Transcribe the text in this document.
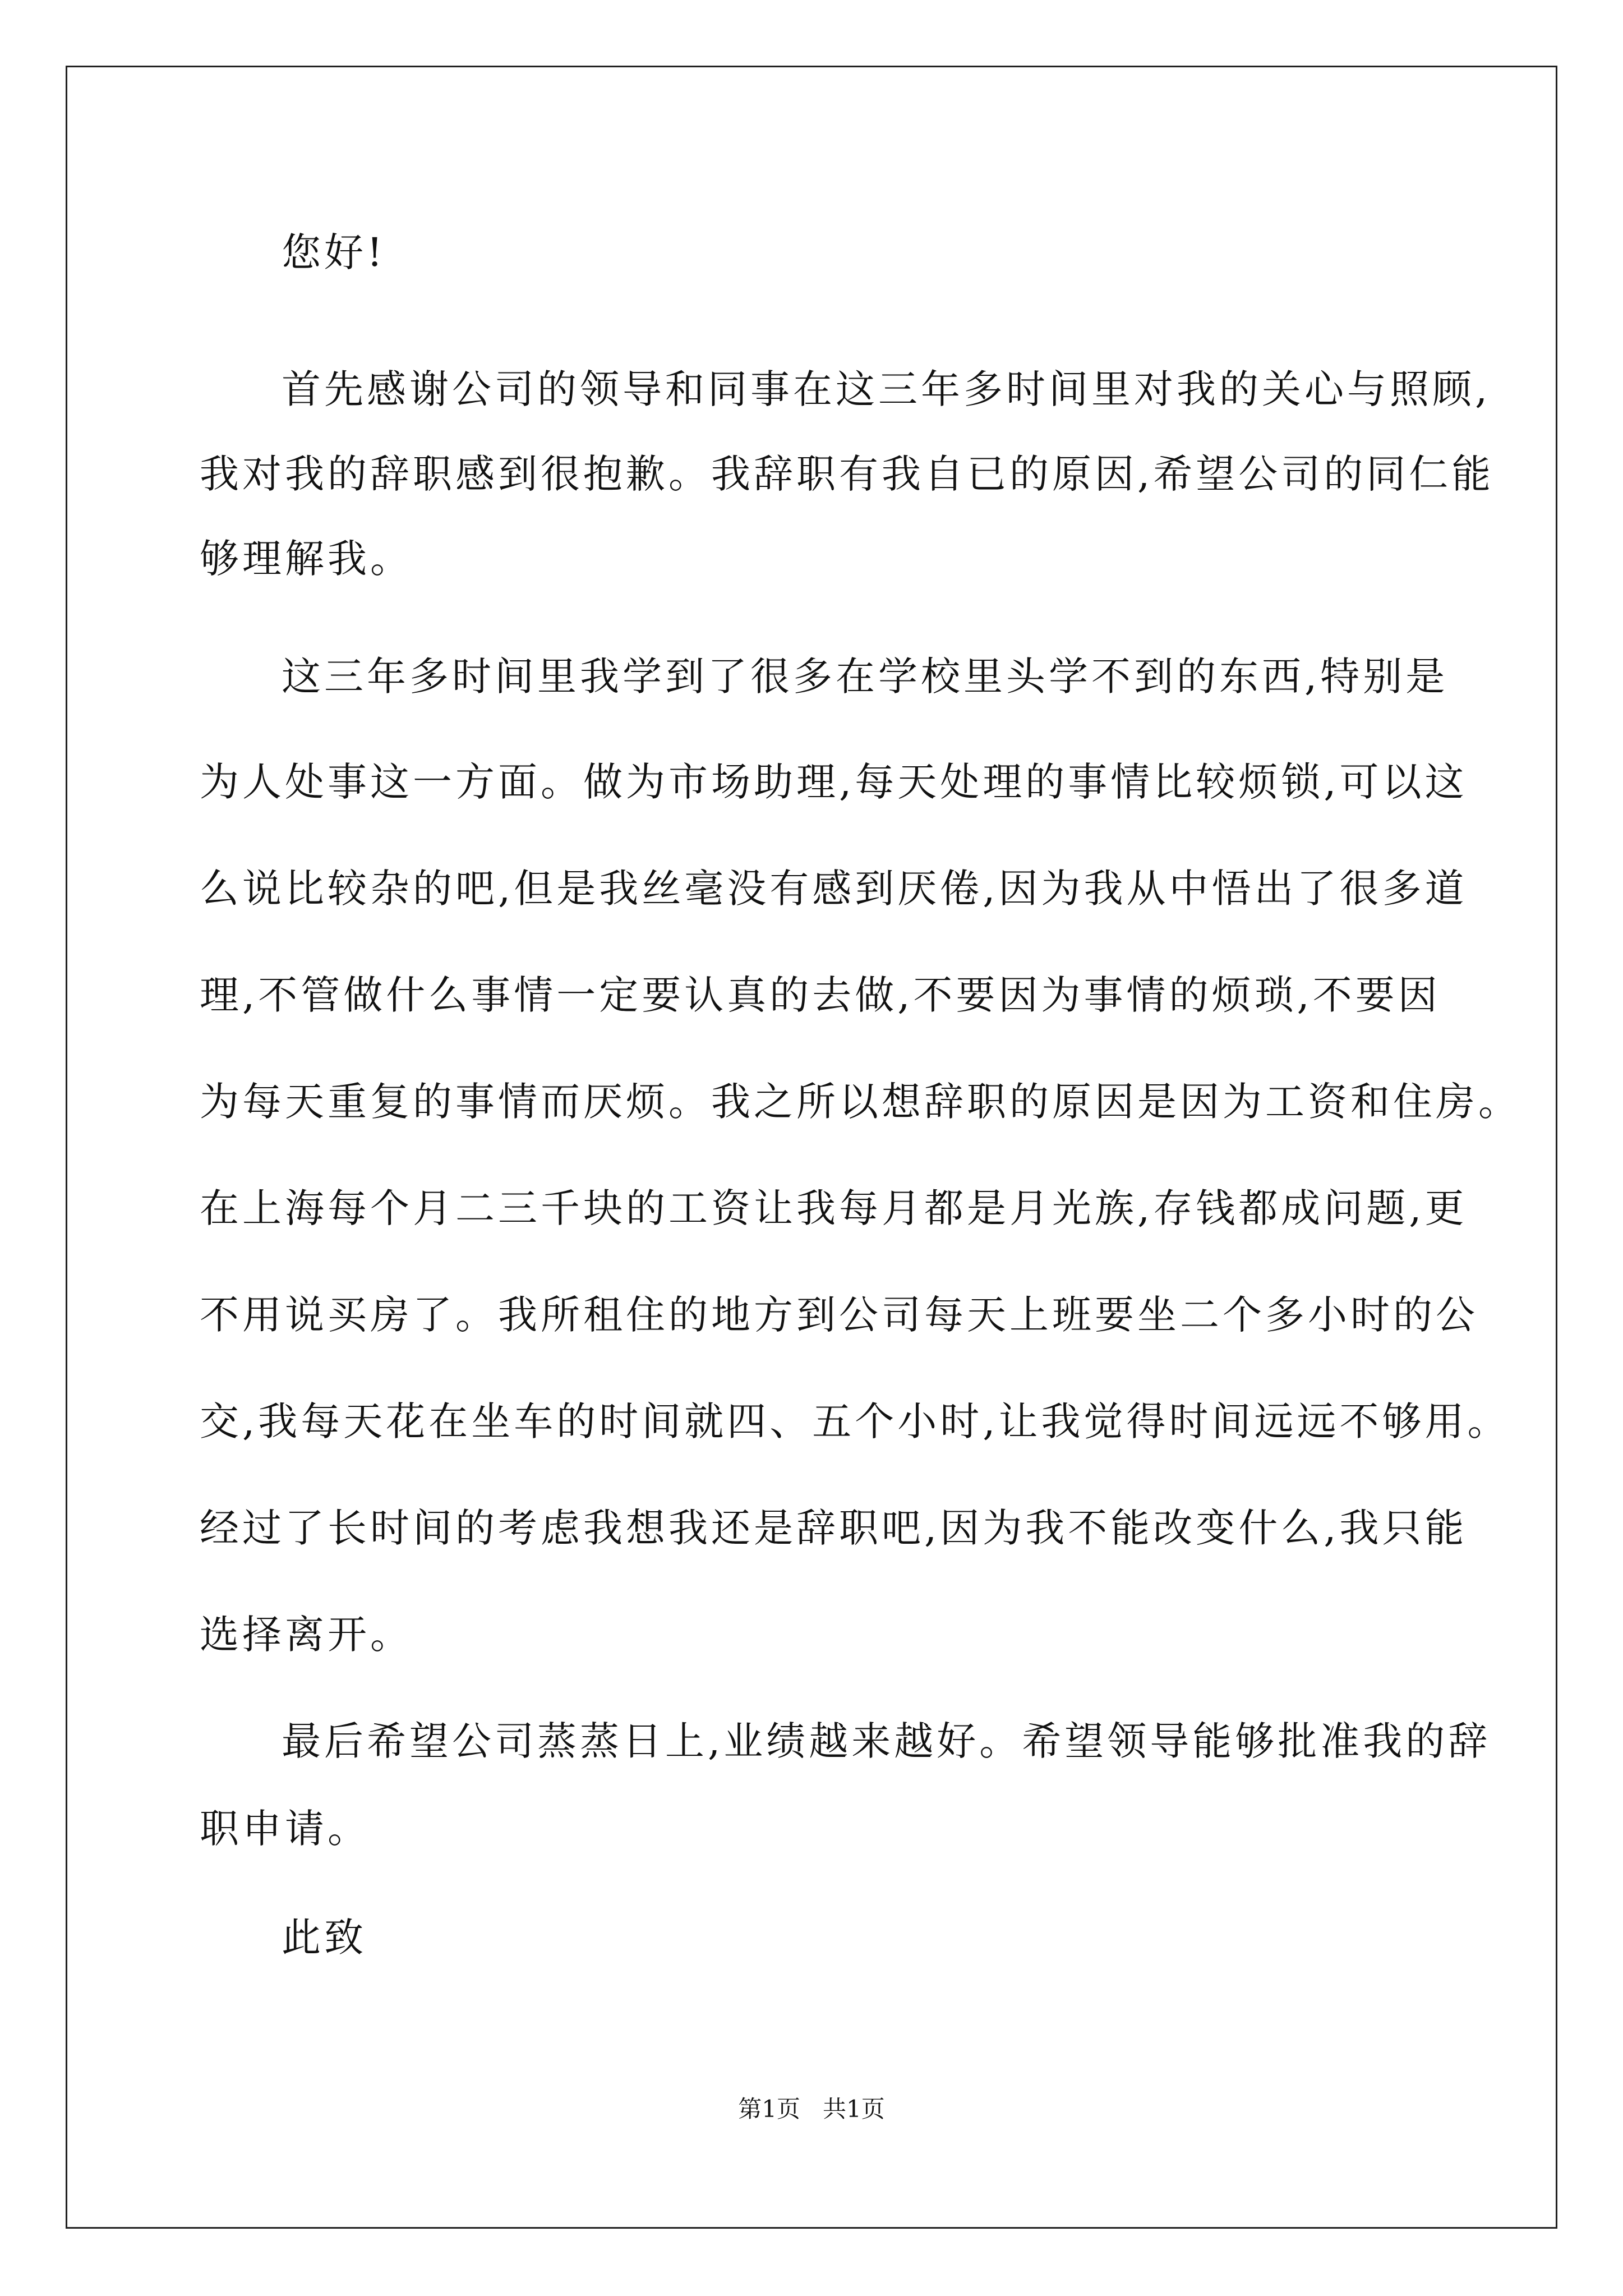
您好!
首先感谢公司的领导和同事在这三年多时间里对我的关心与照顾,
我对我的辞职感到很抱歉。我辞职有我自已的原因,希望公司的同仁能
够理解我。
这三年多时间里我学到了很多在学校里头学不到的东西,特别是
为人处事这一方面。做为市场助理,每天处理的事情比较烦锁,可以这
么说比较杂的吧,但是我丝毫没有感到厌倦,因为我从中悟出了很多道
理,不管做什么事情一定要认真的去做,不要因为事情的烦琐,不要因
为每天重复的事情而厌烦。我之所以想辞职的原因是因为工资和住房。
在上海每个月二三千块的工资让我每月都是月光族,存钱都成问题,更
不用说买房了。我所租住的地方到公司每天上班要坐二个多小时的公
交,我每天花在坐车的时间就四、五个小时,让我觉得时间远远不够用。
经过了长时间的考虑我想我还是辞职吧,因为我不能改变什么,我只能
选择离开。
最后希望公司蒸蒸日上,业绩越来越好。希望领导能够批准我的辞
职申请。
此致
第1页 共1页
